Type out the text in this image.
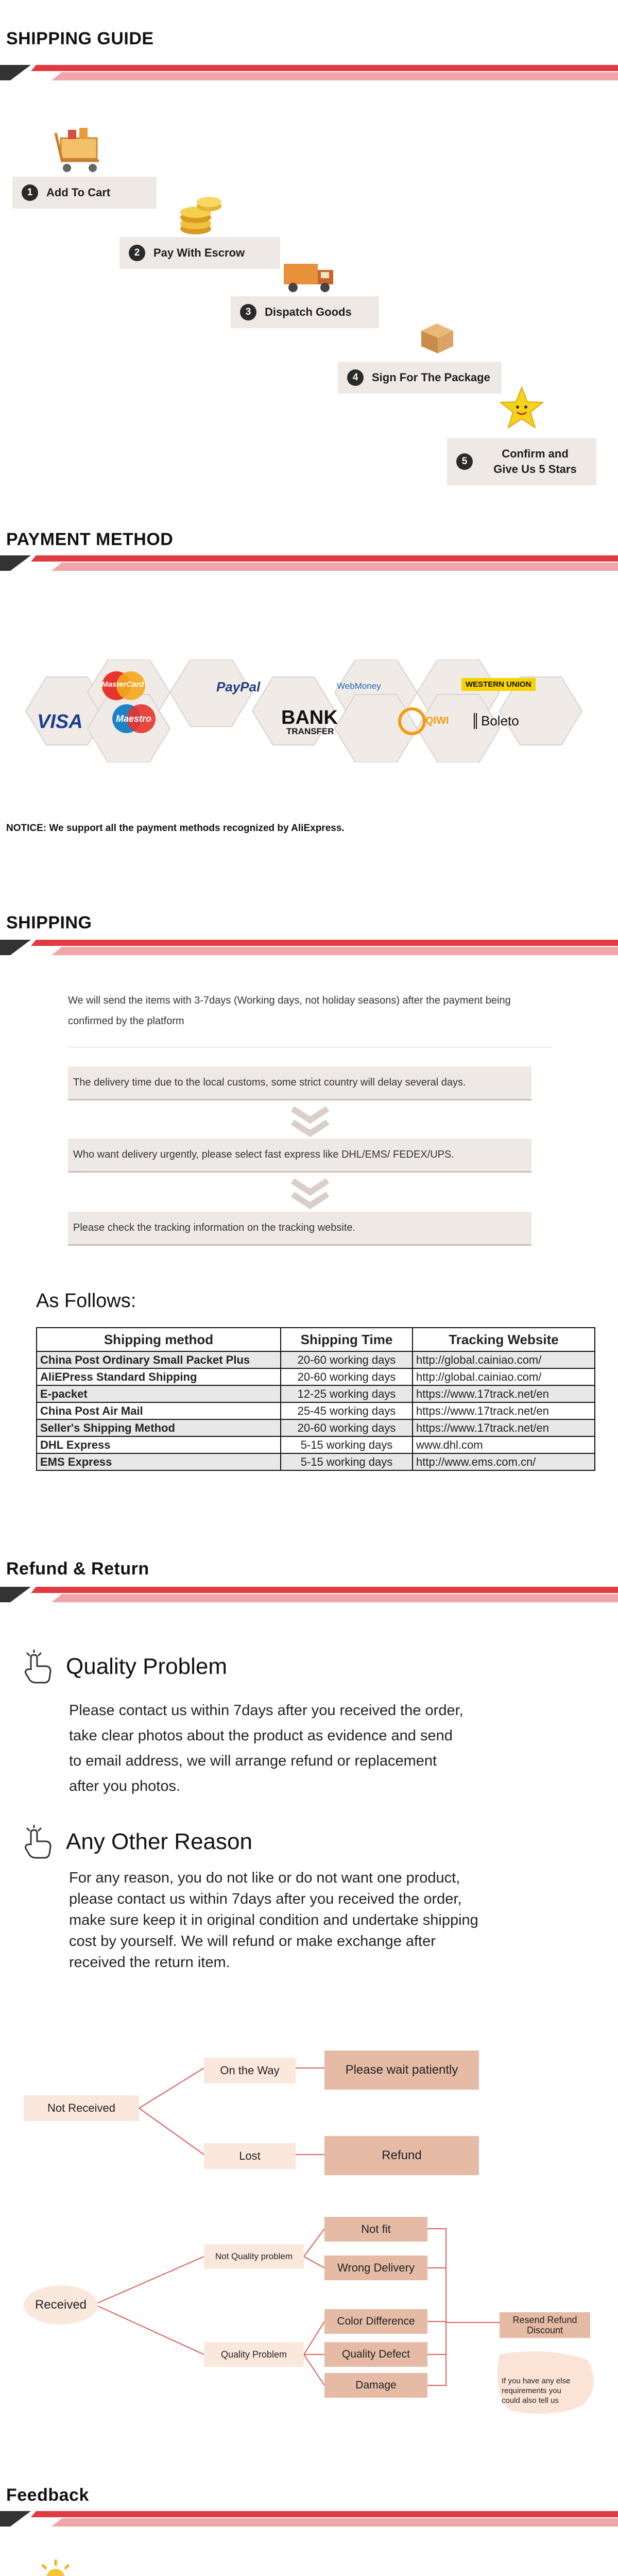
SHIPPING GUIDE
1	Add To Cart
2	Pay With Escrow
3	Dispatch Goods
4	Sign For The Package
5
Confirm and
Give Us 5 Stars
PAYMENT METHOD
VISA
MasterCard
Maestro
PayPal
BANK
TRANSFER
WebMoney
QIWI
WESTERN UNION
Boleto
NOTICE: We support all the payment methods recognized by AliExpress.
SHIPPING
We will send the items with 3-7days (Working days, not holiday seasons) after the payment being confirmed by the platform
The delivery time due to the local customs, some strict country will delay several days.
Who want delivery urgently, please select fast express like DHL/EMS/ FEDEX/UPS.
Please check the tracking information on the tracking website.
As Follows:
Shipping method	Shipping Time	Tracking Website
China Post Ordinary Small Packet Plus	20-60 working days	http://global.cainiao.com/
AliEPress Standard Shipping	20-60 working days	http://global.cainiao.com/
E-packet	12-25 working days	https://www.17track.net/en
China Post Air Mail	25-45 working days	https://www.17track.net/en
Seller's Shipping Method	20-60 working days	https://www.17track.net/en
DHL Express	5-15 working days	www.dhl.com
EMS Express	5-15 working days	http://www.ems.com.cn/
Refund & Return
Quality Problem
Please contact us within 7days after you received the order,
take clear photos about the product as evidence and send
to email address, we will arrange refund or replacement
after you photos.
Any Other Reason
For any reason, you do not like or do not want one product,
please contact us within 7days after you received the order,
make sure keep it in original condition and undertake shipping
cost by yourself. We will refund or make exchange after
received the return item.
Not Received
On the Way	Please wait patiently
Lost	Refund
Received
Not Quality problem
Not fit
Wrong Delivery
Quality Problem
Color Difference
Quality Defect
Damage
Resend Refund
Discount
If you have any else
requirements you
could also tell us
Feedback
